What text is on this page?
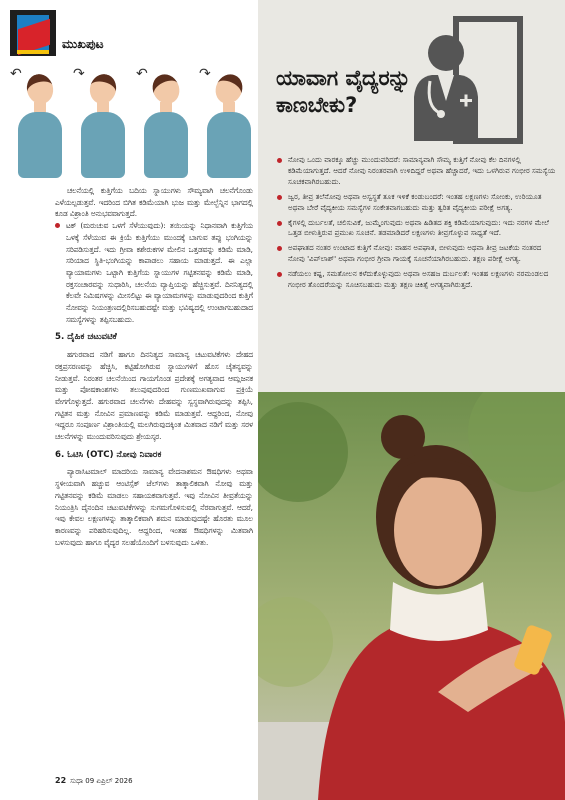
ಮುಖಪುಟ
↶	↷	↶	↷

ಚಲನೆಯಲ್ಲಿ ಕುತ್ತಿಗೆಯ ಬದಿಯ ಸ್ನಾಯುಗಳು ಸೌಮ್ಯವಾಗಿ ಚಲನೆಗೊಂಡು ಎಳೆಯಲ್ಪಡುತ್ತವೆ. ಇದರಿಂದ ಬಿಗಿತ ಕಡಿಮೆಯಾಗಿ ಭುಜ ಮತ್ತು ಮೇಲ್ಬೆನ್ನಿನ ಭಾಗದಲ್ಲಿ ಕೂಡ ವಿಶ್ರಾಂತಿ ಅನುಭವವಾಗುತ್ತದೆ.

ಟಕ್ (ಮರುಚುವ ಒಳಗೆ ಸೆಳೆಯುವುದು): ತಯಿಯನ್ನು ನಿಧಾನವಾಗಿ ಕುತ್ತಿಗೆಯ ಒಳಕ್ಕೆ ಸೆಳೆಯುವ ಈ ಕ್ರಿಯೆ ಕುತ್ತಿಗೆಯು ಮುಂದಕ್ಕೆ ಬಾಗುವ ತಪ್ಪು ಭಂಗಿಯನ್ನು ಸರಿಪಡಿಸುತ್ತದೆ. ಇದು ಗ್ರೀವಾ ಕಶೇರುಕಗಳ ಮೇಲಿನ ಒತ್ತಡವನ್ನು ಕಡಿಮೆ ಮಾಡಿ, ಸರಿಯಾದ ಸ್ಥಿತಿ-ಭಂಗಿಯನ್ನು ಕಾಪಾಡಲು ಸಹಾಯ ಮಾಡುತ್ತದೆ. ಈ ಎಲ್ಲಾ ವ್ಯಾಯಾಮಗಳು ಒಟ್ಟಾಗಿ ಕುತ್ತಿಗೆಯ ಸ್ನಾಯುಗಳ ಗಟ್ಟಿತನವನ್ನು ಕಡಿಮೆ ಮಾಡಿ, ರಕ್ತಸಂಚಾರವನ್ನು ಸುಧಾರಿಸಿ, ಚಲನೆಯ ವ್ಯಾಪ್ತಿಯನ್ನು ಹೆಚ್ಚಿಸುತ್ತವೆ. ದಿನನಿತ್ಯದಲ್ಲಿ ಕೆಲವೇ ನಿಮಿಷಗಳನ್ನು ಮೀಸಲಿಟ್ಟು ಈ ವ್ಯಾಯಾಮಗಳನ್ನು ಮಾಡುವುದರಿಂದ ಕುತ್ತಿಗೆ ನೋವನ್ನು ನಿಯಂತ್ರಣದಲ್ಲಿರಿಸಬಹುದಷ್ಟೇ ಮತ್ತು ಭವಿಷ್ಯದಲ್ಲಿ ಉಂಟಾಗಬಹುದಾದ ಸಮಸ್ಯೆಗಳನ್ನು ತಪ್ಪಿಸಬಹುದು.
5. ದೈಹಿಕ ಚಟುವಟಿಕೆ

ಹಗುರವಾದ ನಡಿಗೆ ಹಾಗೂ ದಿನನಿತ್ಯದ ಸಾಮಾನ್ಯ ಚಟುವಟಿಕೆಗಳು ದೇಹದ ರಕ್ತಪ್ರಸರಣವನ್ನು ಹೆಚ್ಚಿಸಿ, ಕಟ್ಟಿಹೋಗಿರುವ ಸ್ನಾಯುಗಳಿಗೆ ಹೊಸ ಚೈತನ್ಯವನ್ನು ನೀಡುತ್ತವೆ. ನಿರಂತರ ಚಲನೆಯಿಂದ ಗಾಯಗೊಂಡ ಪ್ರದೇಶಕ್ಕೆ ಅಗತ್ಯವಾದ ಆಮ್ಲಜನಕ ಮತ್ತು ಪೋಷಕಾಂಶಗಳು ತಲುಪುವುದರಿಂದ ಗುಣಮುಖವಾಗುವ ಪ್ರಕ್ರಿಯೆ ವೇಗಗೊಳ್ಳುತ್ತದೆ. ಹಗುರವಾದ ಚಲನೆಗಳು ದೇಹವನ್ನು ಸ್ವಸ್ಥವಾಗಿರುವುದನ್ನು ತಪ್ಪಿಸಿ, ಗಟ್ಟಿತನ ಮತ್ತು ನೋವಿನ ಪ್ರಮಾಣವನ್ನು ಕಡಿಮೆ ಮಾಡುತ್ತವೆ. ಆದ್ದರಿಂದ, ನೋವು ಇದ್ದರೂ ಸಂಪೂರ್ಣ ವಿಶ್ರಾಂತಿಯಲ್ಲಿ ಮಲಗಿರುವುದಕ್ಕಿಂತ ಮಿತವಾದ ನಡಿಗೆ ಮತ್ತು ಸರಳ ಚಲನೆಗಳನ್ನು ಮುಂದುವರಿಸುವುದು ಶ್ರೇಯಸ್ಕರ.

6. ಓಟಿಸಿ (OTC) ನೋವು ನಿವಾರಕ

ಪ್ಯಾರಾಸಿಟಮಾಲ್ ಮಾದರಿಯ ಸಾಮಾನ್ಯ ವೇದನಾಶಮನ ಔಷಧಿಗಳು ಅಥವಾ ಸ್ಥಳೀಯವಾಗಿ ಹಚ್ಚುವ ಆಂಟಿಸ್ಸೆಕ್ ಜೆಲ್‌ಗಳು ತಾತ್ಕಾಲಿಕವಾಗಿ ನೋವು ಮತ್ತು ಗಟ್ಟಿತನವನ್ನು ಕಡಿಮೆ ಮಾಡಲು ಸಹಾಯಕವಾಗುತ್ತವೆ. ಇವು ನೋವಿನ ತೀವ್ರತೆಯನ್ನು ನಿಯಂತ್ರಿಸಿ ದೈನಂದಿನ ಚಟುವಟಿಕೆಗಳನ್ನು ಸುಗಮಗೊಳಿಸುವಲ್ಲಿ ನೆರವಾಗುತ್ತವೆ. ಆದರೆ, ಇವು ಕೇವಲ ಲಕ್ಷಣಗಳನ್ನು ತಾತ್ಕಾಲಿಕವಾಗಿ ಶಮನ ಮಾಡುವುದಷ್ಟೇ ಹೊರತು ಮೂಲ ಕಾರಣವನ್ನು ಪರಿಹರಿಸುವುದಿಲ್ಲ. ಆದ್ದರಿಂದ, ಇಂತಹ ಔಷಧಿಗಳನ್ನು ಮಿತವಾಗಿ ಬಳಸುವುದು ಹಾಗೂ ವೈದ್ಯರ ಸಲಹೆಯೊಂದಿಗೆ ಬಳಸುವುದು ಒಳಿತು.

22 ಸುಧಾ 09 ಏಪ್ರಿಲ್ 2026
ಯಾವಾಗ ವೈದ್ಯರನ್ನು ಕಾಣಬೇಕು?
ನೋವು ಒಂದು ವಾರಕ್ಕೂ ಹೆಚ್ಚು ಮುಂದುವರಿದರೆ: ಸಾಮಾನ್ಯವಾಗಿ ಸೌಮ್ಯ ಕುತ್ತಿಗೆ ನೋವು ಕೆಲ ದಿನಗಳಲ್ಲಿ ಕಡಿಮೆಯಾಗುತ್ತದೆ. ಆದರೆ ನೋವು ನಿರಂತರವಾಗಿ ಉಳಿದಿದ್ದರೆ ಅಥವಾ ಹೆಚ್ಚಾದರೆ, ಇದು ಒಳಗಿರುವ ಗಂಭೀರ ಸಮಸ್ಯೆಯ ಸೂಚಕವಾಗಿರಬಹುದು.
ಜ್ವರ, ತೀವ್ರ ತಲೆನೋವು ಅಥವಾ ಅಸ್ವಸ್ಥತೆ ತೂಕ ಇಳಿಕೆ ಕಂಡುಬಂದರೆ: ಇಂತಹ ಲಕ್ಷಣಗಳು ಸೋಂಕು, ಉರಿಯೂತ ಅಥವಾ ಬೇರೆ ವೈದ್ಯಕೀಯ ಸಮಸ್ಯೆಗಳ ಸಂಕೇತವಾಗಬಹುದು ಮತ್ತು ತ್ವರಿತ ವೈದ್ಯಕೀಯ ಪರೀಕ್ಷೆ ಅಗತ್ಯ.
ಕೈಗಳಲ್ಲಿ ದುರ್ಬಲತೆ, ಚಲಿಸುವಿಕೆ, ಜುಮ್ಮೆಂಗುವುದು ಅಥವಾ ಹಿಡಿತದ ಶಕ್ತಿ ಕಡಿಮೆಯಾಗುವುದು: ಇದು ನರಗಳ ಮೇಲೆ ಒತ್ತಡ ಬೀಳುತ್ತಿರುವ ಪ್ರಮುಖ ಸೂಚನೆ. ತಡಮಾಡಿದರೆ ಲಕ್ಷಣಗಳು ತೀವ್ರಗೊಳ್ಳುವ ಸಾಧ್ಯತೆ ಇದೆ.
ಅಪಘಾತದ ನಂತರ ಉಂಟಾದ ಕುತ್ತಿಗೆ ನೋವು: ವಾಹನ ಅಪಘಾತ, ಬೀಳುವುದು ಅಥವಾ ತೀವ್ರ ಜಟಕೆಯ ನಂತರದ ನೋವು 'ವಿಪ್‌ಲಾಶ್' ಅಥವಾ ಗಂಭೀರ ಗ್ರೀವಾ ಗಾಯಕ್ಕೆ ಸೂಚನೆಯಾಗಿರಬಹುದು. ತಕ್ಷಣ ಪರೀಕ್ಷೆ ಅಗತ್ಯ.
ನಡೆಯಲು ಕಷ್ಟ, ಸಮತೋಲನ ಕಳೆದುಕೊಳ್ಳುವುದು ಅಥವಾ ಅಸಹಜ ದುರ್ಬಲತೆ: ಇಂತಹ ಲಕ್ಷಣಗಳು ನರಮಂಡಲದ ಗಂಭೀರ ತೊಂದರೆಯನ್ನು ಸೂಚಿಸಬಹುದು ಮತ್ತು ತಕ್ಷಣ ಚಿಕಿತ್ಸೆ ಅಗತ್ಯವಾಗಿರುತ್ತದೆ.
